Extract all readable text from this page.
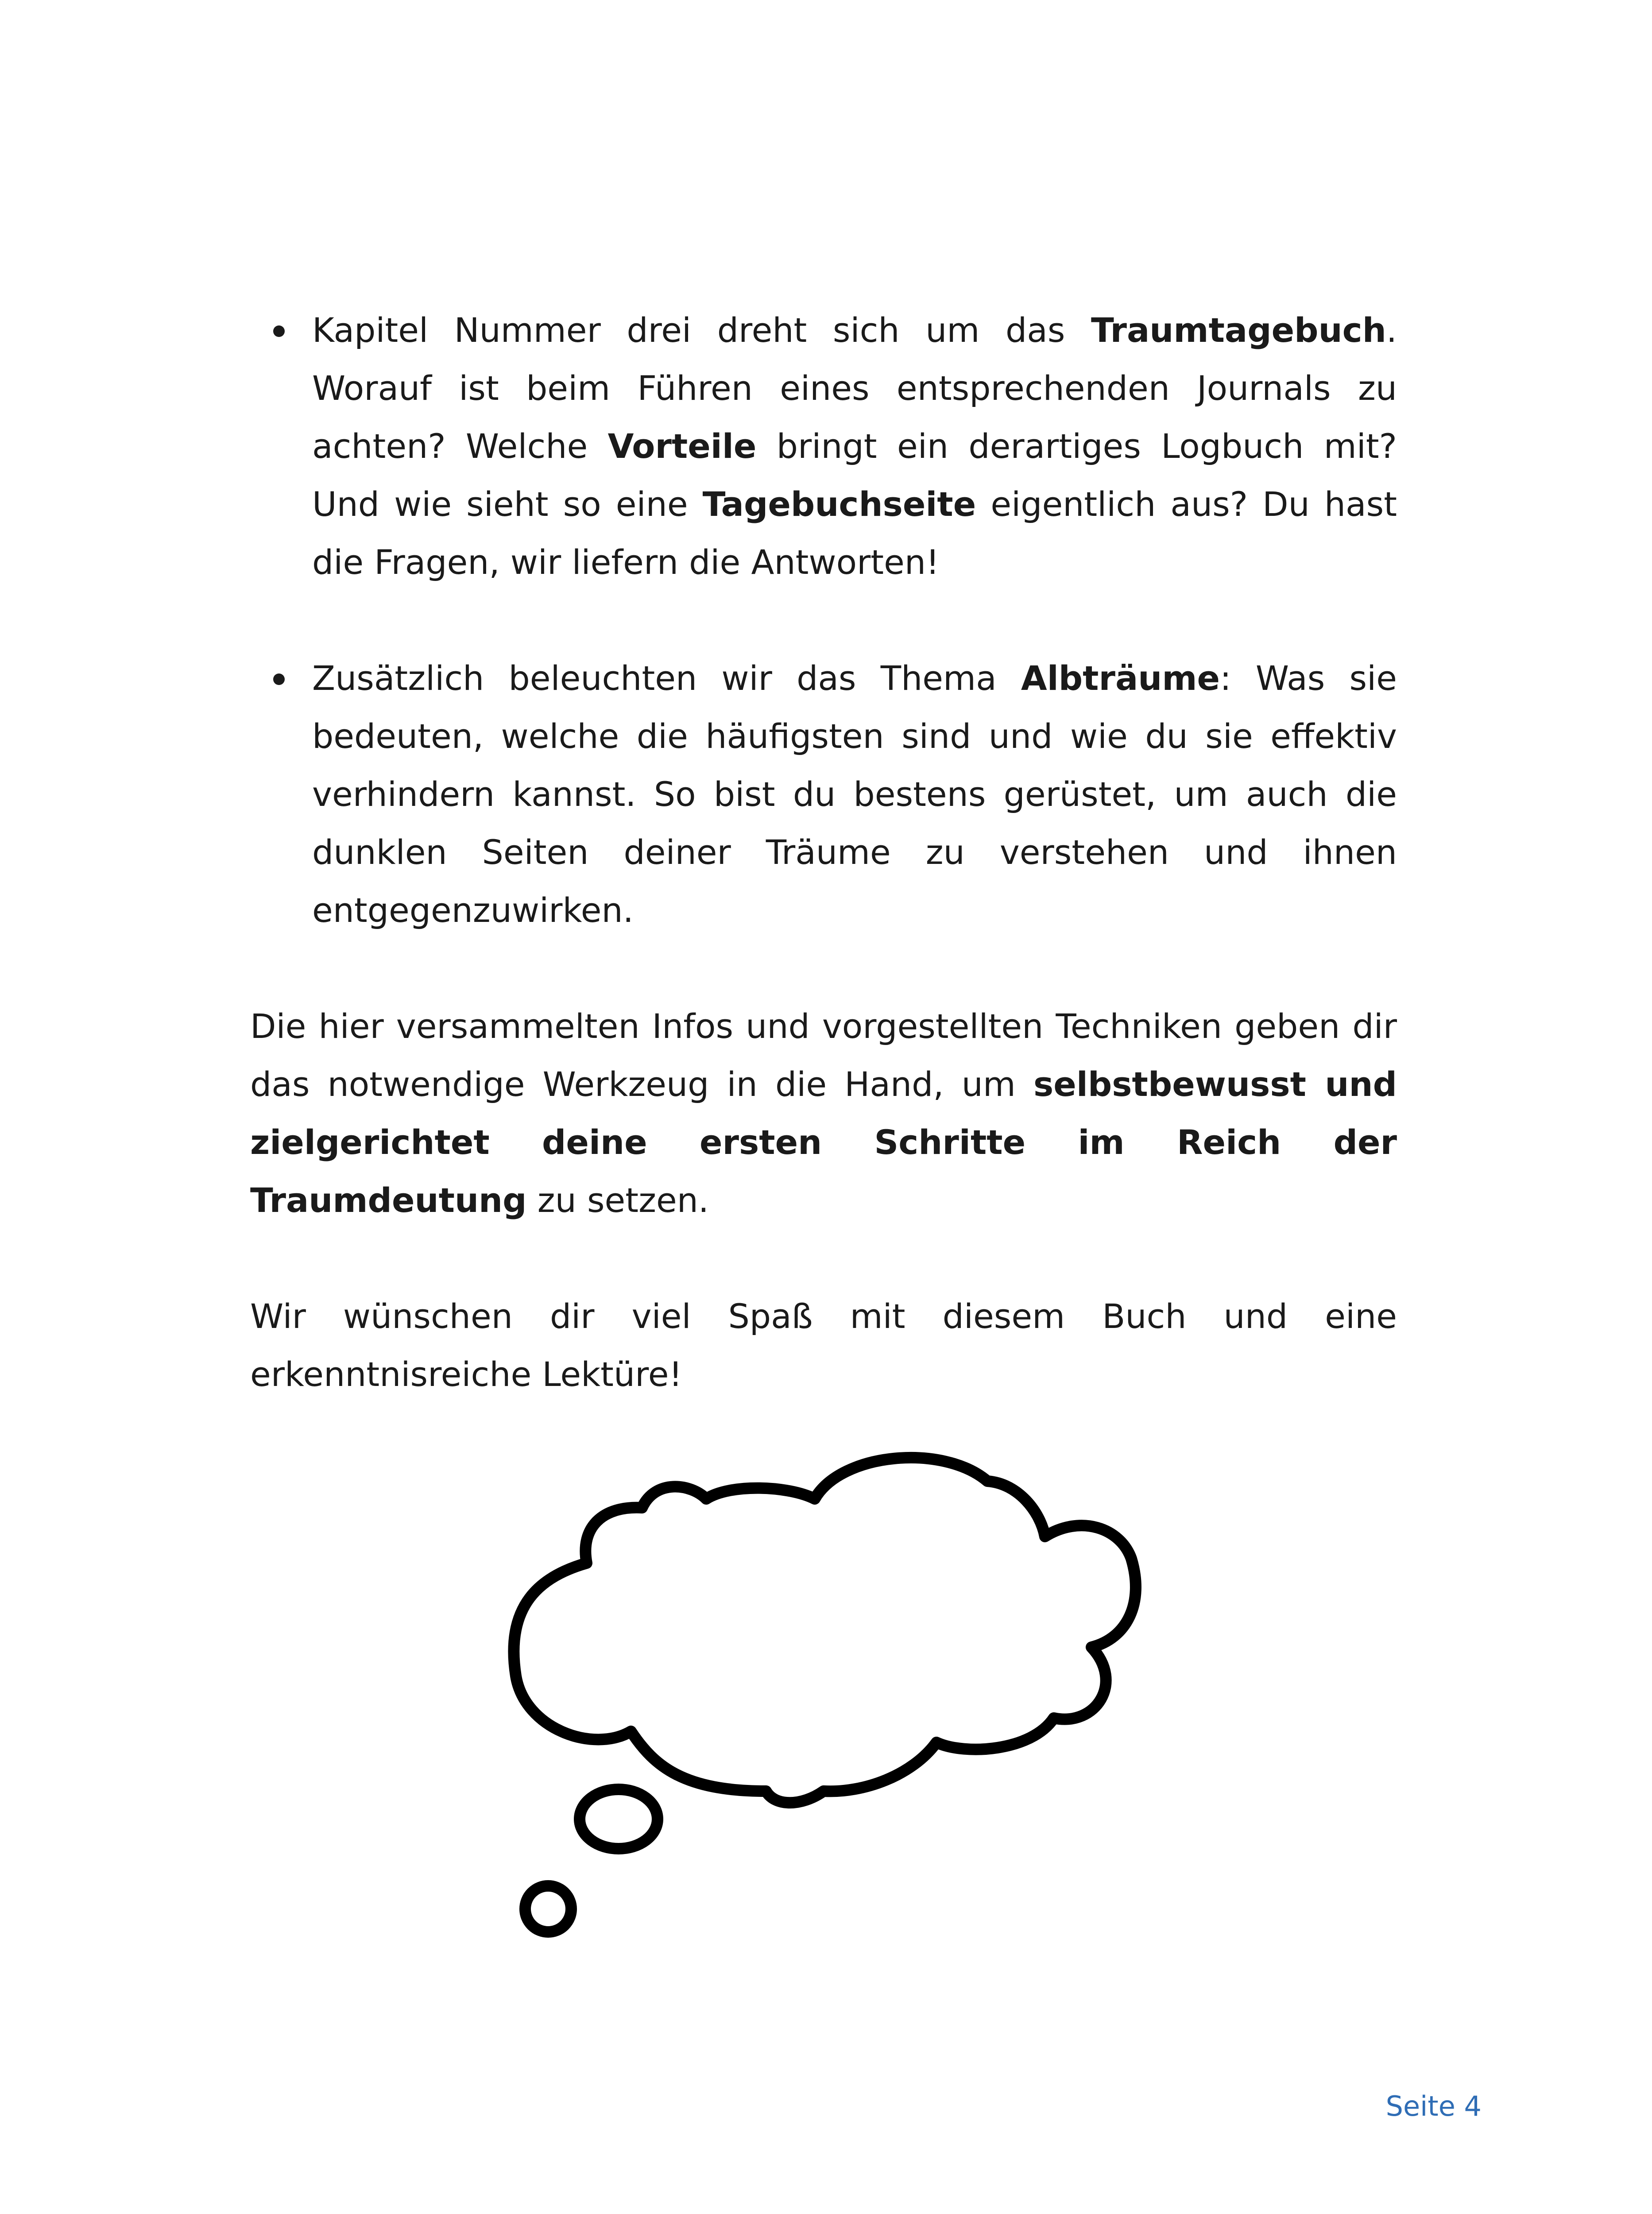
Kapitel Nummer drei dreht sich um das Traumtagebuch. Worauf ist beim Führen eines entsprechenden Journals zu achten? Welche Vorteile bringt ein derartiges Logbuch mit? Und wie sieht so eine Tagebuchseite eigentlich aus? Du hast die Fragen, wir liefern die Antworten!
Zusätzlich beleuchten wir das Thema Albträume: Was sie bedeuten, welche die häufigsten sind und wie du sie effektiv verhindern kannst. So bist du bestens gerüstet, um auch die dunklen Seiten deiner Träume zu verstehen und ihnen entgegenzuwirken.

Die hier versammelten Infos und vorgestellten Techniken geben dir das notwendige Werkzeug in die Hand, um selbstbewusst und zielgerichtet deine ersten Schritte im Reich der Traumdeutung zu setzen.

Wir wünschen dir viel Spaß mit diesem Buch und eine erkenntnisreiche Lektüre!

Seite 4
